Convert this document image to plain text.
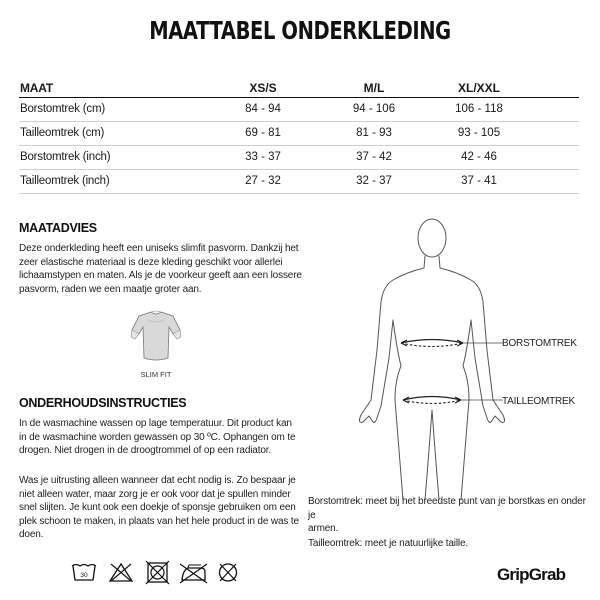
MAATTABEL ONDERKLEDING
MAAT	XS/S	M/L	XL/XXL
Borstomtrek (cm)	84 - 94	94 - 106	106 - 118
Tailleomtrek (cm)	69 - 81	81 - 93	93 - 105
Borstomtrek (inch)	33 - 37	37 - 42	42 - 46
Tailleomtrek (inch)	27 - 32	32 - 37	37 - 41
MAATADVIES
Deze onderkleding heeft een uniseks slimfit pasvorm. Dankzij het
zeer elastische materiaal is deze kleding geschikt voor allerlei
lichaamstypen en maten. Als je de voorkeur geeft aan een lossere
pasvorm, raden we een maatje groter aan.
SLIM FIT
ONDERHOUDSINSTRUCTIES
In de wasmachine wassen op lage temperatuur. Dit product kan
in de wasmachine worden gewassen op 30 ºC. Ophangen om te
drogen. Niet drogen in de droogtrommel of op een radiator.
Was je uitrusting alleen wanneer dat echt nodig is. Zo bespaar je
niet alleen water, maar zorg je er ook voor dat je spullen minder
snel slijten. Je kunt ook een doekje of sponsje gebruiken om een
plek schoon te maken, in plaats van het hele product in de was te
doen.
30
BORSTOMTREK
TAILLEOMTREK
Borstomtrek: meet bij het breedste punt van je borstkas en onder je
armen.
Tailleomtrek: meet je natuurlijke taille.
GripGrab
